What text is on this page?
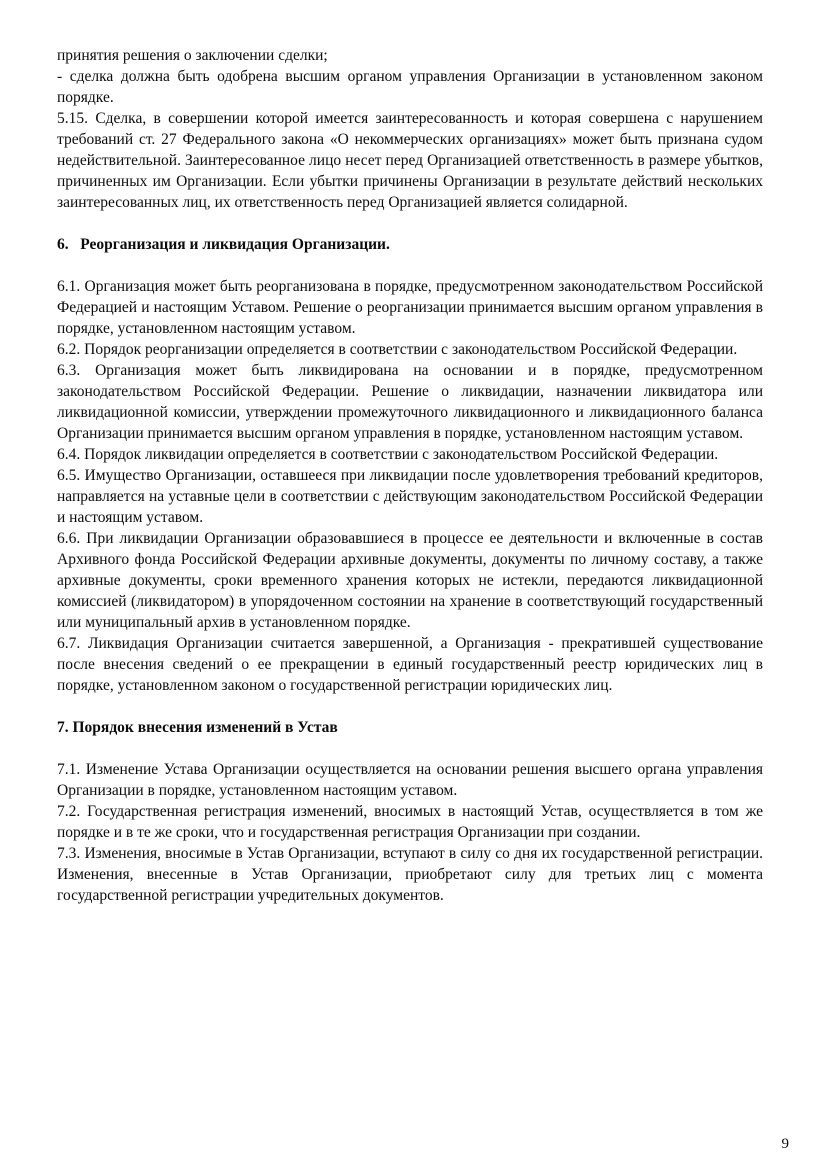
принятия решения о заключении сделки;

- сделка должна быть одобрена высшим органом управления Организации в установленном законом порядке.

5.15. Сделка, в совершении которой имеется заинтересованность и которая совершена с нарушением требований ст. 27 Федерального закона «О некоммерческих организациях» может быть признана судом недействительной. Заинтересованное лицо несет перед Организацией ответственность в размере убытков, причиненных им Организации. Если убытки причинены Организации в результате действий нескольких заинтересованных лиц, их ответственность перед Организацией является солидарной.

6.   Реорганизация и ликвидация Организации.

6.1. Организация может быть реорганизована в порядке, предусмотренном законодательством Российской Федерацией и настоящим Уставом. Решение о реорганизации принимается высшим органом управления в порядке, установленном настоящим уставом.

6.2. Порядок реорганизации определяется в соответствии с законодательством Российской Федерации.

6.3. Организация может быть ликвидирована на основании и в порядке, предусмотренном законодательством Российской Федерации. Решение о ликвидации, назначении ликвидатора или ликвидационной комиссии, утверждении промежуточного ликвидационного и ликвидационного баланса Организации принимается высшим органом управления в порядке, установленном настоящим уставом.

6.4. Порядок ликвидации определяется в соответствии с законодательством Российской Федерации.

6.5. Имущество Организации, оставшееся при ликвидации после удовлетворения требований кредиторов, направляется на уставные цели в соответствии с действующим законодательством Российской Федерации и настоящим уставом.

6.6. При ликвидации Организации образовавшиеся в процессе ее деятельности и включенные в состав Архивного фонда Российской Федерации архивные документы, документы по личному составу, а также архивные документы, сроки временного хранения которых не истекли, передаются ликвидационной комиссией (ликвидатором) в упорядоченном состоянии на хранение в соответствующий государственный или муниципальный архив в установленном порядке.

6.7. Ликвидация Организации считается завершенной, а Организация - прекратившей существование после внесения сведений о ее прекращении в единый государственный реестр юридических лиц в порядке, установленном законом о государственной регистрации юридических лиц.

7. Порядок внесения изменений в Устав

7.1. Изменение Устава Организации осуществляется на основании решения высшего органа управления Организации в порядке, установленном настоящим уставом.

7.2. Государственная регистрация изменений, вносимых в настоящий Устав, осуществляется в том же порядке и в те же сроки, что и государственная регистрация Организации при создании.

7.3. Изменения, вносимые в Устав Организации, вступают в силу со дня их государственной регистрации. Изменения, внесенные в Устав Организации, приобретают силу для третьих лиц с момента государственной регистрации учредительных документов.

9
